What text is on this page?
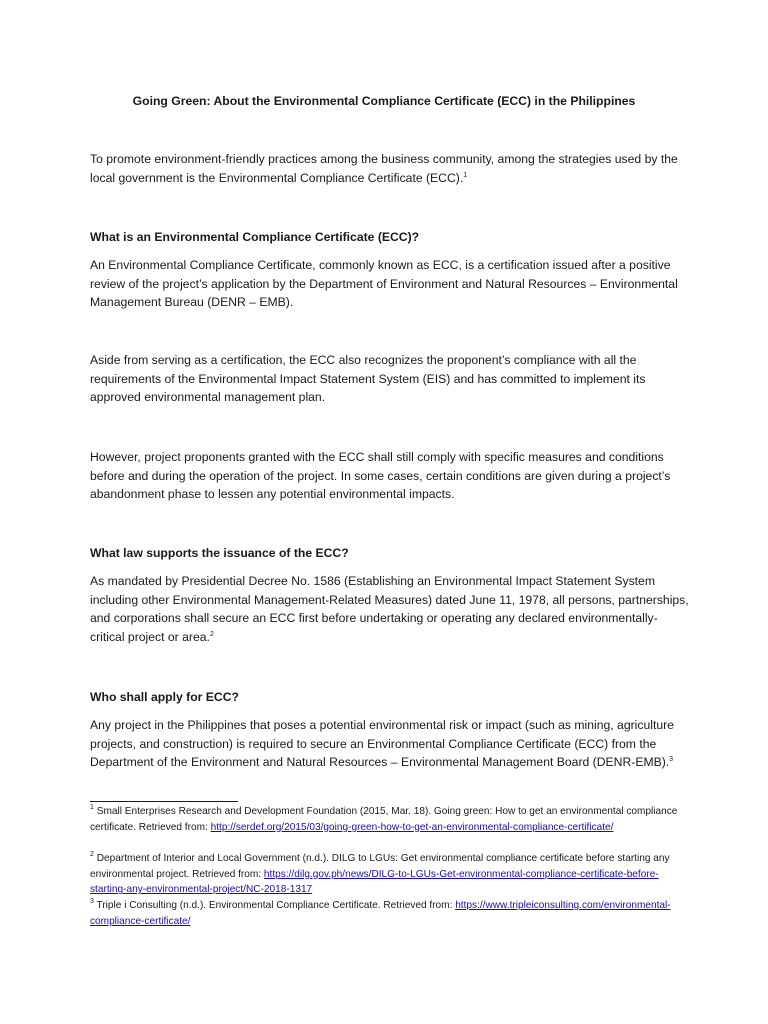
Going Green: About the Environmental Compliance Certificate (ECC) in the Philippines

To promote environment-friendly practices among the business community, among the strategies used by the local government is the Environmental Compliance Certificate (ECC).$^1$

What is an Environmental Compliance Certificate (ECC)?

An Environmental Compliance Certificate, commonly known as ECC, is a certification issued after a positive review of the project’s application by the Department of Environment and Natural Resources – Environmental Management Bureau (DENR – EMB).

Aside from serving as a certification, the ECC also recognizes the proponent’s compliance with all the requirements of the Environmental Impact Statement System (EIS) and has committed to implement its approved environmental management plan.

However, project proponents granted with the ECC shall still comply with specific measures and conditions before and during the operation of the project. In some cases, certain conditions are given during a project’s abandonment phase to lessen any potential environmental impacts.

What law supports the issuance of the ECC?

As mandated by Presidential Decree No. 1586 (Establishing an Environmental Impact Statement System including other Environmental Management-Related Measures) dated June 11, 1978, all persons, partnerships, and corporations shall secure an ECC first before undertaking or operating any declared environmentally-critical project or area.$^2$

Who shall apply for ECC?

Any project in the Philippines that poses a potential environmental risk or impact (such as mining, agriculture projects, and construction) is required to secure an Environmental Compliance Certificate (ECC) from the Department of the Environment and Natural Resources – Environmental Management Board (DENR-EMB).$^3$

$^1$ Small Enterprises Research and Development Foundation (2015, Mar. 18). Going green: How to get an environmental compliance certificate. Retrieved from: http://serdef.org/2015/03/going-green-how-to-get-an-environmental-compliance-certificate/

$^2$ Department of Interior and Local Government (n.d.). DILG to LGUs: Get environmental compliance certificate before starting any environmental project. Retrieved from: https://dilg.gov.ph/news/DILG-to-LGUs-Get-environmental-compliance-certificate-before-starting-any-environmental-project/NC-2018-1317

$^3$ Triple i Consulting (n.d.). Environmental Compliance Certificate. Retrieved from: https://www.tripleiconsulting.com/environmental-compliance-certificate/
